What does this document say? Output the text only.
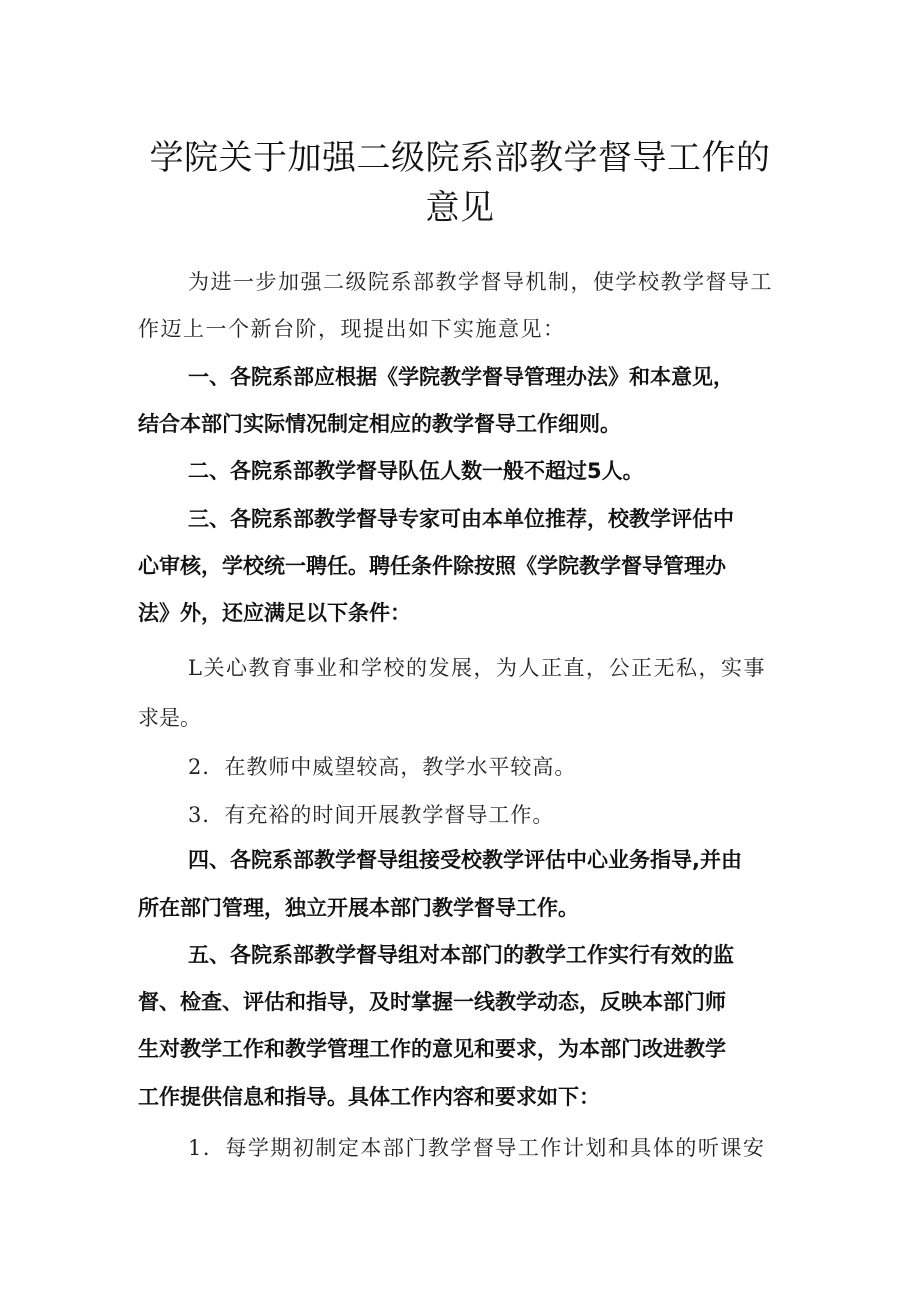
学院关于加强二级院系部教学督导工作的
意见

为进一步加强二级院系部教学督导机制，使学校教学督导工

作迈上一个新台阶，现提出如下实施意见：

一、各院系部应根据《学院教学督导管理办法》和本意见，

结合本部门实际情况制定相应的教学督导工作细则。

二、各院系部教学督导队伍人数一般不超过5人。

三、各院系部教学督导专家可由本单位推荐，校教学评估中

心审核，学校统一聘任。聘任条件除按照《学院教学督导管理办

法》外，还应满足以下条件：

L关心教育事业和学校的发展，为人正直，公正无私，实事

求是。

2．在教师中威望较高，教学水平较高。

3．有充裕的时间开展教学督导工作。

四、各院系部教学督导组接受校教学评估中心业务指导,并由

所在部门管理，独立开展本部门教学督导工作。

五、各院系部教学督导组对本部门的教学工作实行有效的监

督、检查、评估和指导，及时掌握一线教学动态，反映本部门师

生对教学工作和教学管理工作的意见和要求，为本部门改进教学

工作提供信息和指导。具体工作内容和要求如下：

1．每学期初制定本部门教学督导工作计划和具体的听课安
